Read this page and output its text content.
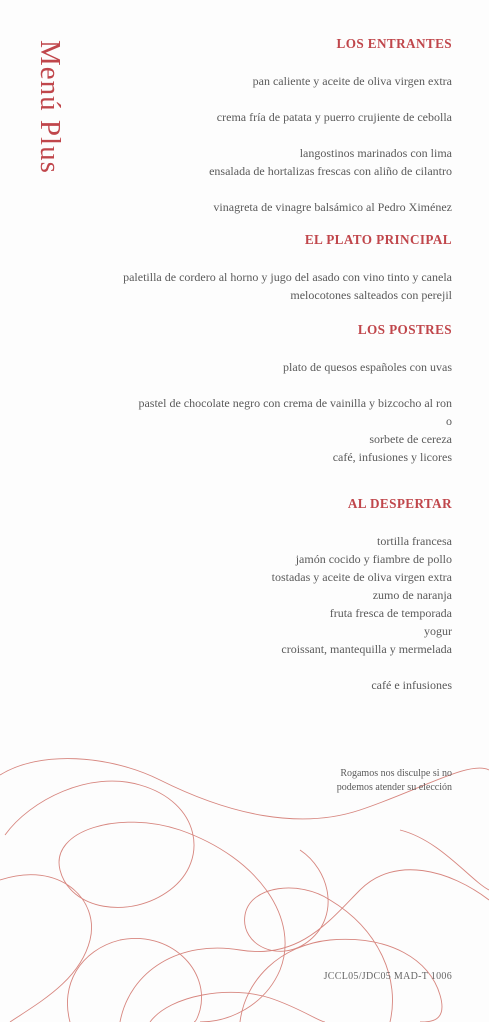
Menú Plus	LOS ENTRANTES

pan caliente y aceite de oliva virgen extra

crema fría de patata y puerro crujiente de cebolla

langostinos marinados con lima

ensalada de hortalizas frescas con aliño de cilantro

vinagreta de vinagre balsámico al Pedro Ximénez

EL PLATO PRINCIPAL

paletilla de cordero al horno y jugo del asado con vino tinto y canela

melocotones salteados con perejil

LOS POSTRES

plato de quesos españoles con uvas

pastel de chocolate negro con crema de vainilla y bizcocho al ron

o

sorbete de cereza

café, infusiones y licores

AL DESPERTAR

tortilla francesa

jamón cocido y fiambre de pollo

tostadas y aceite de oliva virgen extra

zumo de naranja

fruta fresca de temporada

yogur

croissant, mantequilla y mermelada

café e infusiones

Rogamos nos disculpe si no
podemos atender su elección
JCCL05/JDC05 MAD-T 1006
